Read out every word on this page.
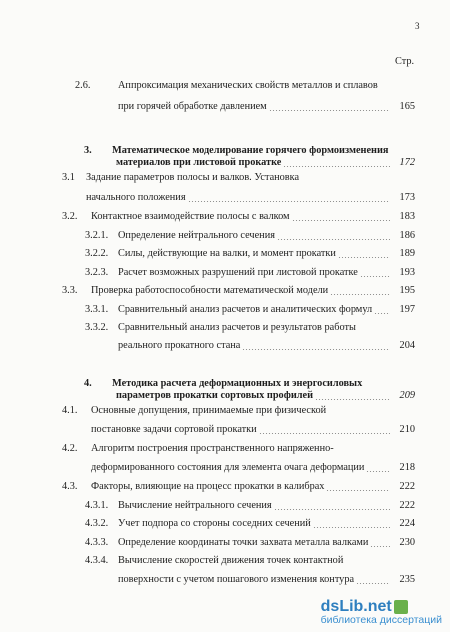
3
Стр.
2.6.	Аппроксимация механических свойств металлов и сплавов
при горячей обработке давлением	165
3. Математическое моделирование горячего формоизменения
материалов при листовой прокатке	172
3.1 Задание параметров полосы и валков. Установка
начального положения	173
3.2. Контактное взаимодействие полосы с валком	183
3.2.1. Определение нейтрального сечения	186
3.2.2. Силы, действующие на валки, и момент прокатки	189
3.2.3. Расчет возможных разрушений при листовой прокатке	193
3.3. Проверка работоспособности математической модели	195
3.3.1. Сравнительный анализ расчетов и аналитических формул	197
3.3.2. Сравнительный анализ расчетов и результатов работы
реального прокатного стана	204
4. Методика расчета деформационных и энергосиловых
параметров прокатки сортовых профилей	209
4.1. Основные допущения, принимаемые при физической
постановке задачи сортовой прокатки	210
4.2. Алгоритм построения пространственного напряженно-
деформированного состояния для элемента очага деформации	218
4.3. Факторы, влияющие на процесс прокатки в калибрах	222
4.3.1. Вычисление нейтрального сечения	222
4.3.2. Учет подпора со стороны соседних сечений	224
4.3.3. Определение координаты точки захвата металла валками	230
4.3.4. Вычисление скоростей движения точек контактной
поверхности с учетом пошагового изменения контура	235
dsLib.net
библиотека диссертаций
